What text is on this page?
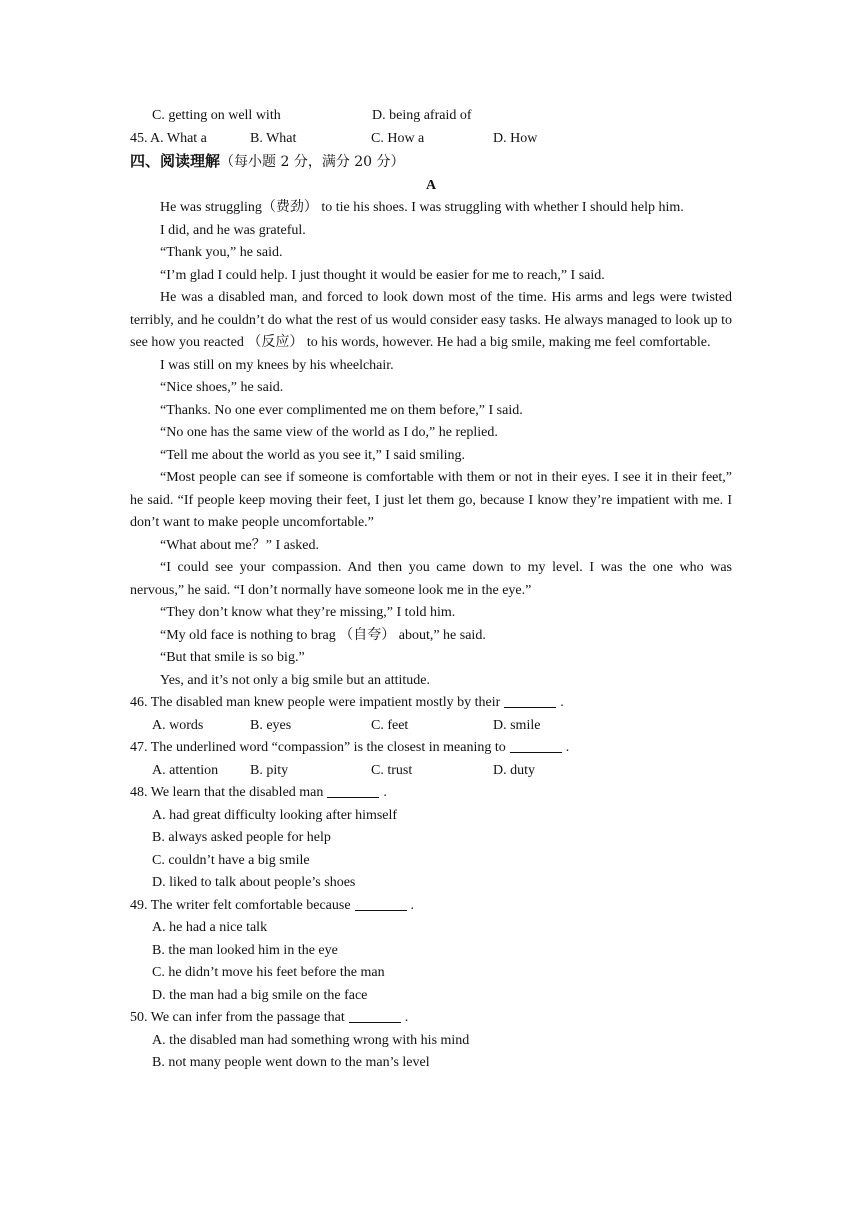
C. getting on well with	D. being afraid of
45. A. What a	B. What	C. How a	D. How
四、阅读理解（每小题 2 分，满分 20 分）
A
He was struggling（费劲） to tie his shoes. I was struggling with whether I should help him.
I did, and he was grateful.
“Thank you,” he said.
“I’m glad I could help. I just thought it would be easier for me to reach,” I said.
He was a disabled man, and forced to look down most of the time. His arms and legs were twisted terribly, and he couldn’t do what the rest of us would consider easy tasks. He always managed to look up to see how you reacted （反应） to his words, however. He had a big smile, making me feel comfortable.
I was still on my knees by his wheelchair.
“Nice shoes,” he said.
“Thanks. No one ever complimented me on them before,” I said.
“No one has the same view of the world as I do,” he replied.
“Tell me about the world as you see it,” I said smiling.
“Most people can see if someone is comfortable with them or not in their eyes. I see it in their feet,” he said. “If people keep moving their feet, I just let them go, because I know they’re impatient with me. I don’t want to make people uncomfortable.”
“What about me？” I asked.
“I could see your compassion. And then you came down to my level. I was the one who was nervous,” he said. “I don’t normally have someone look me in the eye.”
“They don’t know what they’re missing,” I told him.
“My old face is nothing to brag （自夸） about,” he said.
“But that smile is so big.”
Yes, and it’s not only a big smile but an attitude.
46. The disabled man knew people were impatient mostly by their	.
A. words	B. eyes	C. feet	D. smile
47. The underlined word “compassion” is the closest in meaning to	.
A. attention	B. pity	C. trust	D. duty
48. We learn that the disabled man	.
A. had great difficulty looking after himself
B. always asked people for help
C. couldn’t have a big smile
D. liked to talk about people’s shoes
49. The writer felt comfortable because	.
A. he had a nice talk
B. the man looked him in the eye
C. he didn’t move his feet before the man
D. the man had a big smile on the face
50. We can infer from the passage that	.
A. the disabled man had something wrong with his mind
B. not many people went down to the man’s level
